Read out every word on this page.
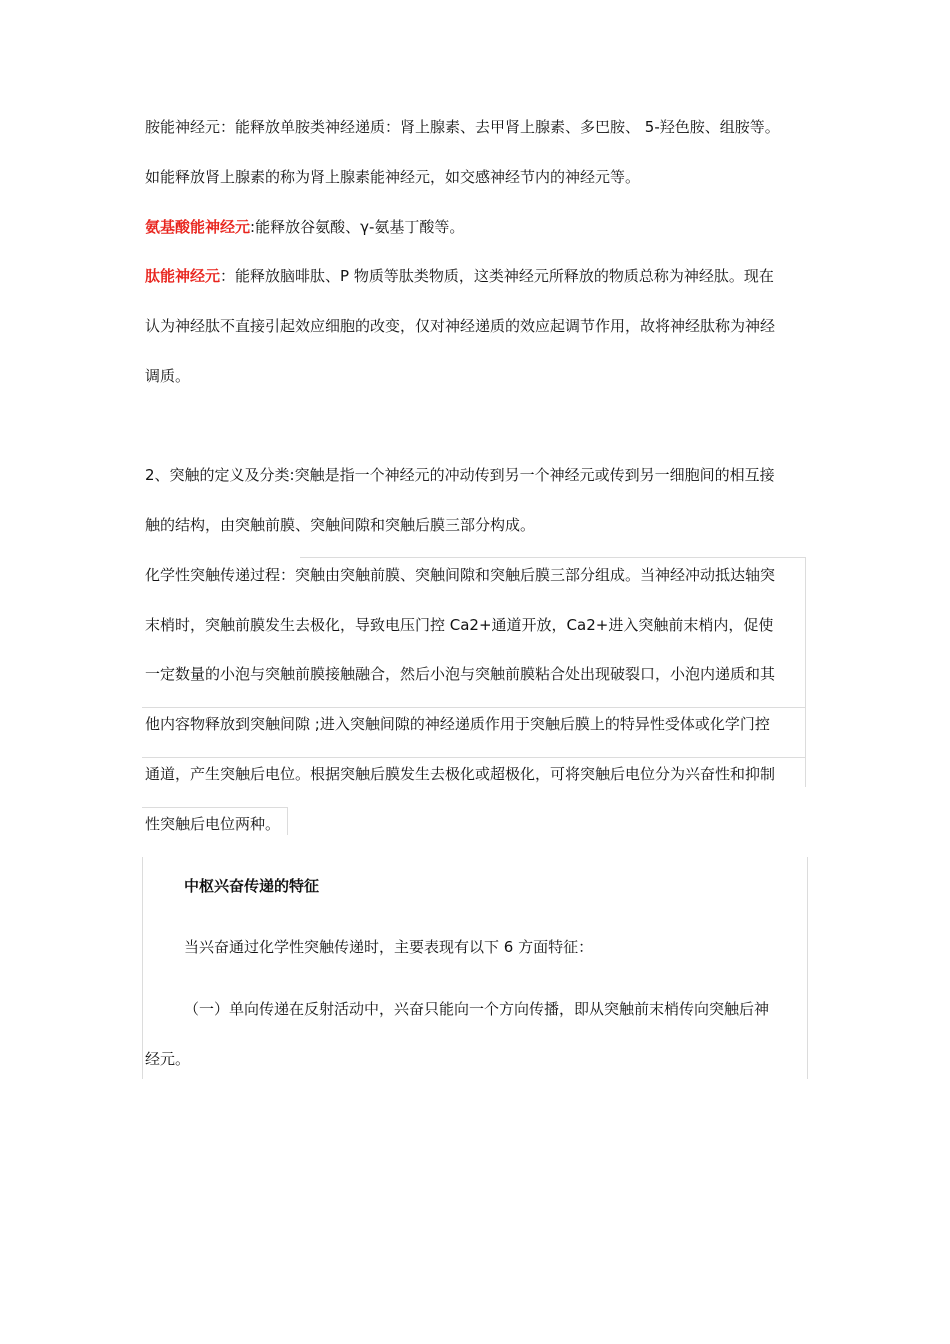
胺能神经元：能释放单胺类神经递质：肾上腺素、去甲肾上腺素、多巴胺、 5-羟色胺、组胺等。
如能释放肾上腺素的称为肾上腺素能神经元，如交感神经节内的神经元等。
氨基酸能神经元:能释放谷氨酸、γ-氨基丁酸等。
肽能神经元：能释放脑啡肽、P 物质等肽类物质，这类神经元所释放的物质总称为神经肽。现在
认为神经肽不直接引起效应细胞的改变，仅对神经递质的效应起调节作用，故将神经肽称为神经
调质。
2、突触的定义及分类:突触是指一个神经元的冲动传到另一个神经元或传到另一细胞间的相互接
触的结构，由突触前膜、突触间隙和突触后膜三部分构成。
化学性突触传递过程：突触由突触前膜、突触间隙和突触后膜三部分组成。当神经冲动抵达轴突
末梢时，突触前膜发生去极化，导致电压门控 Ca2+通道开放，Ca2+进入突触前末梢内，促使
一定数量的小泡与突触前膜接触融合，然后小泡与突触前膜粘合处出现破裂口，小泡内递质和其
他内容物释放到突触间隙 ;进入突触间隙的神经递质作用于突触后膜上的特异性受体或化学门控
通道，产生突触后电位。根据突触后膜发生去极化或超极化，可将突触后电位分为兴奋性和抑制
性突触后电位两种。
中枢兴奋传递的特征
当兴奋通过化学性突触传递时，主要表现有以下 6 方面特征：
（一）单向传递在反射活动中，兴奋只能向一个方向传播，即从突触前末梢传向突触后神
经元。
